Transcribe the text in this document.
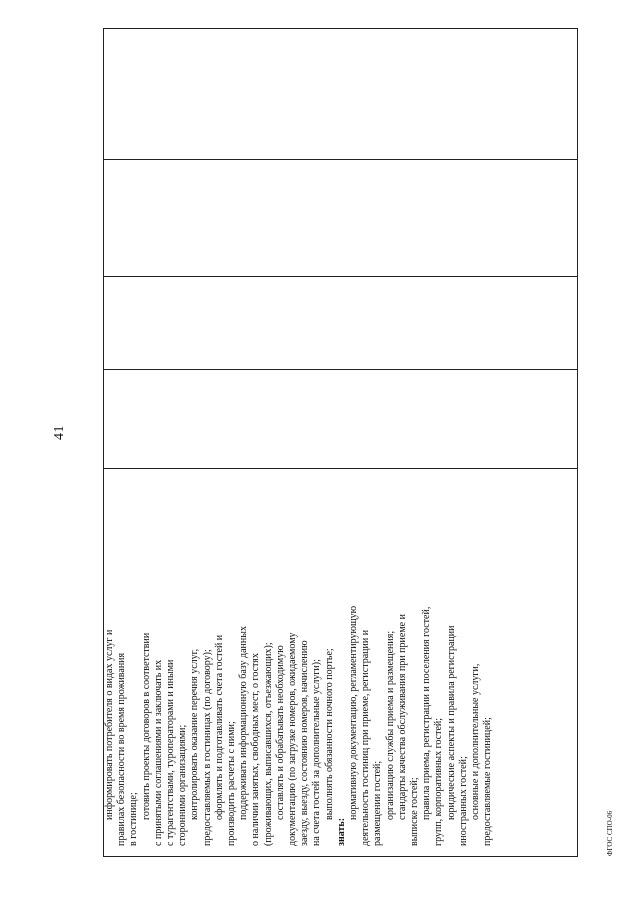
41
информировать потребителя о видах услуг и правилах безопасности во время проживания в гостинице; готовить проекты договоров в соответствии с принятыми соглашениями и заключать их с турагентствами, туроператорами и иными сторонними организациями; контролировать оказание перечня услуг, предоставляемых в гостиницах (по договору); оформлять и подготавливать счета гостей и производить расчеты с ними; поддерживать информационную базу данных о наличии занятых, свободных мест, о гостях (проживающих, выписавшихся, отъезжающих); составлять и обрабатывать необходимую документацию (по загрузке номеров, ожидаемому заезду, выезду, состоянию номеров, начислению на счета гостей за дополнительные услуги); выполнять обязанности ночного портье;
знать:
нормативную документацию, регламентирующую деятельность гостиниц при приеме, регистрации и размещении гостей; организацию службы приема и размещения; стандарты качества обслуживания при приеме и выписке гостей; правила приема, регистрации и поселения гостей, групп, корпоративных гостей; юридические аспекты и правила регистрации иностранных гостей; основные и дополнительные услуги, предоставляемые гостиницей;
					ФГОС СПО-06
